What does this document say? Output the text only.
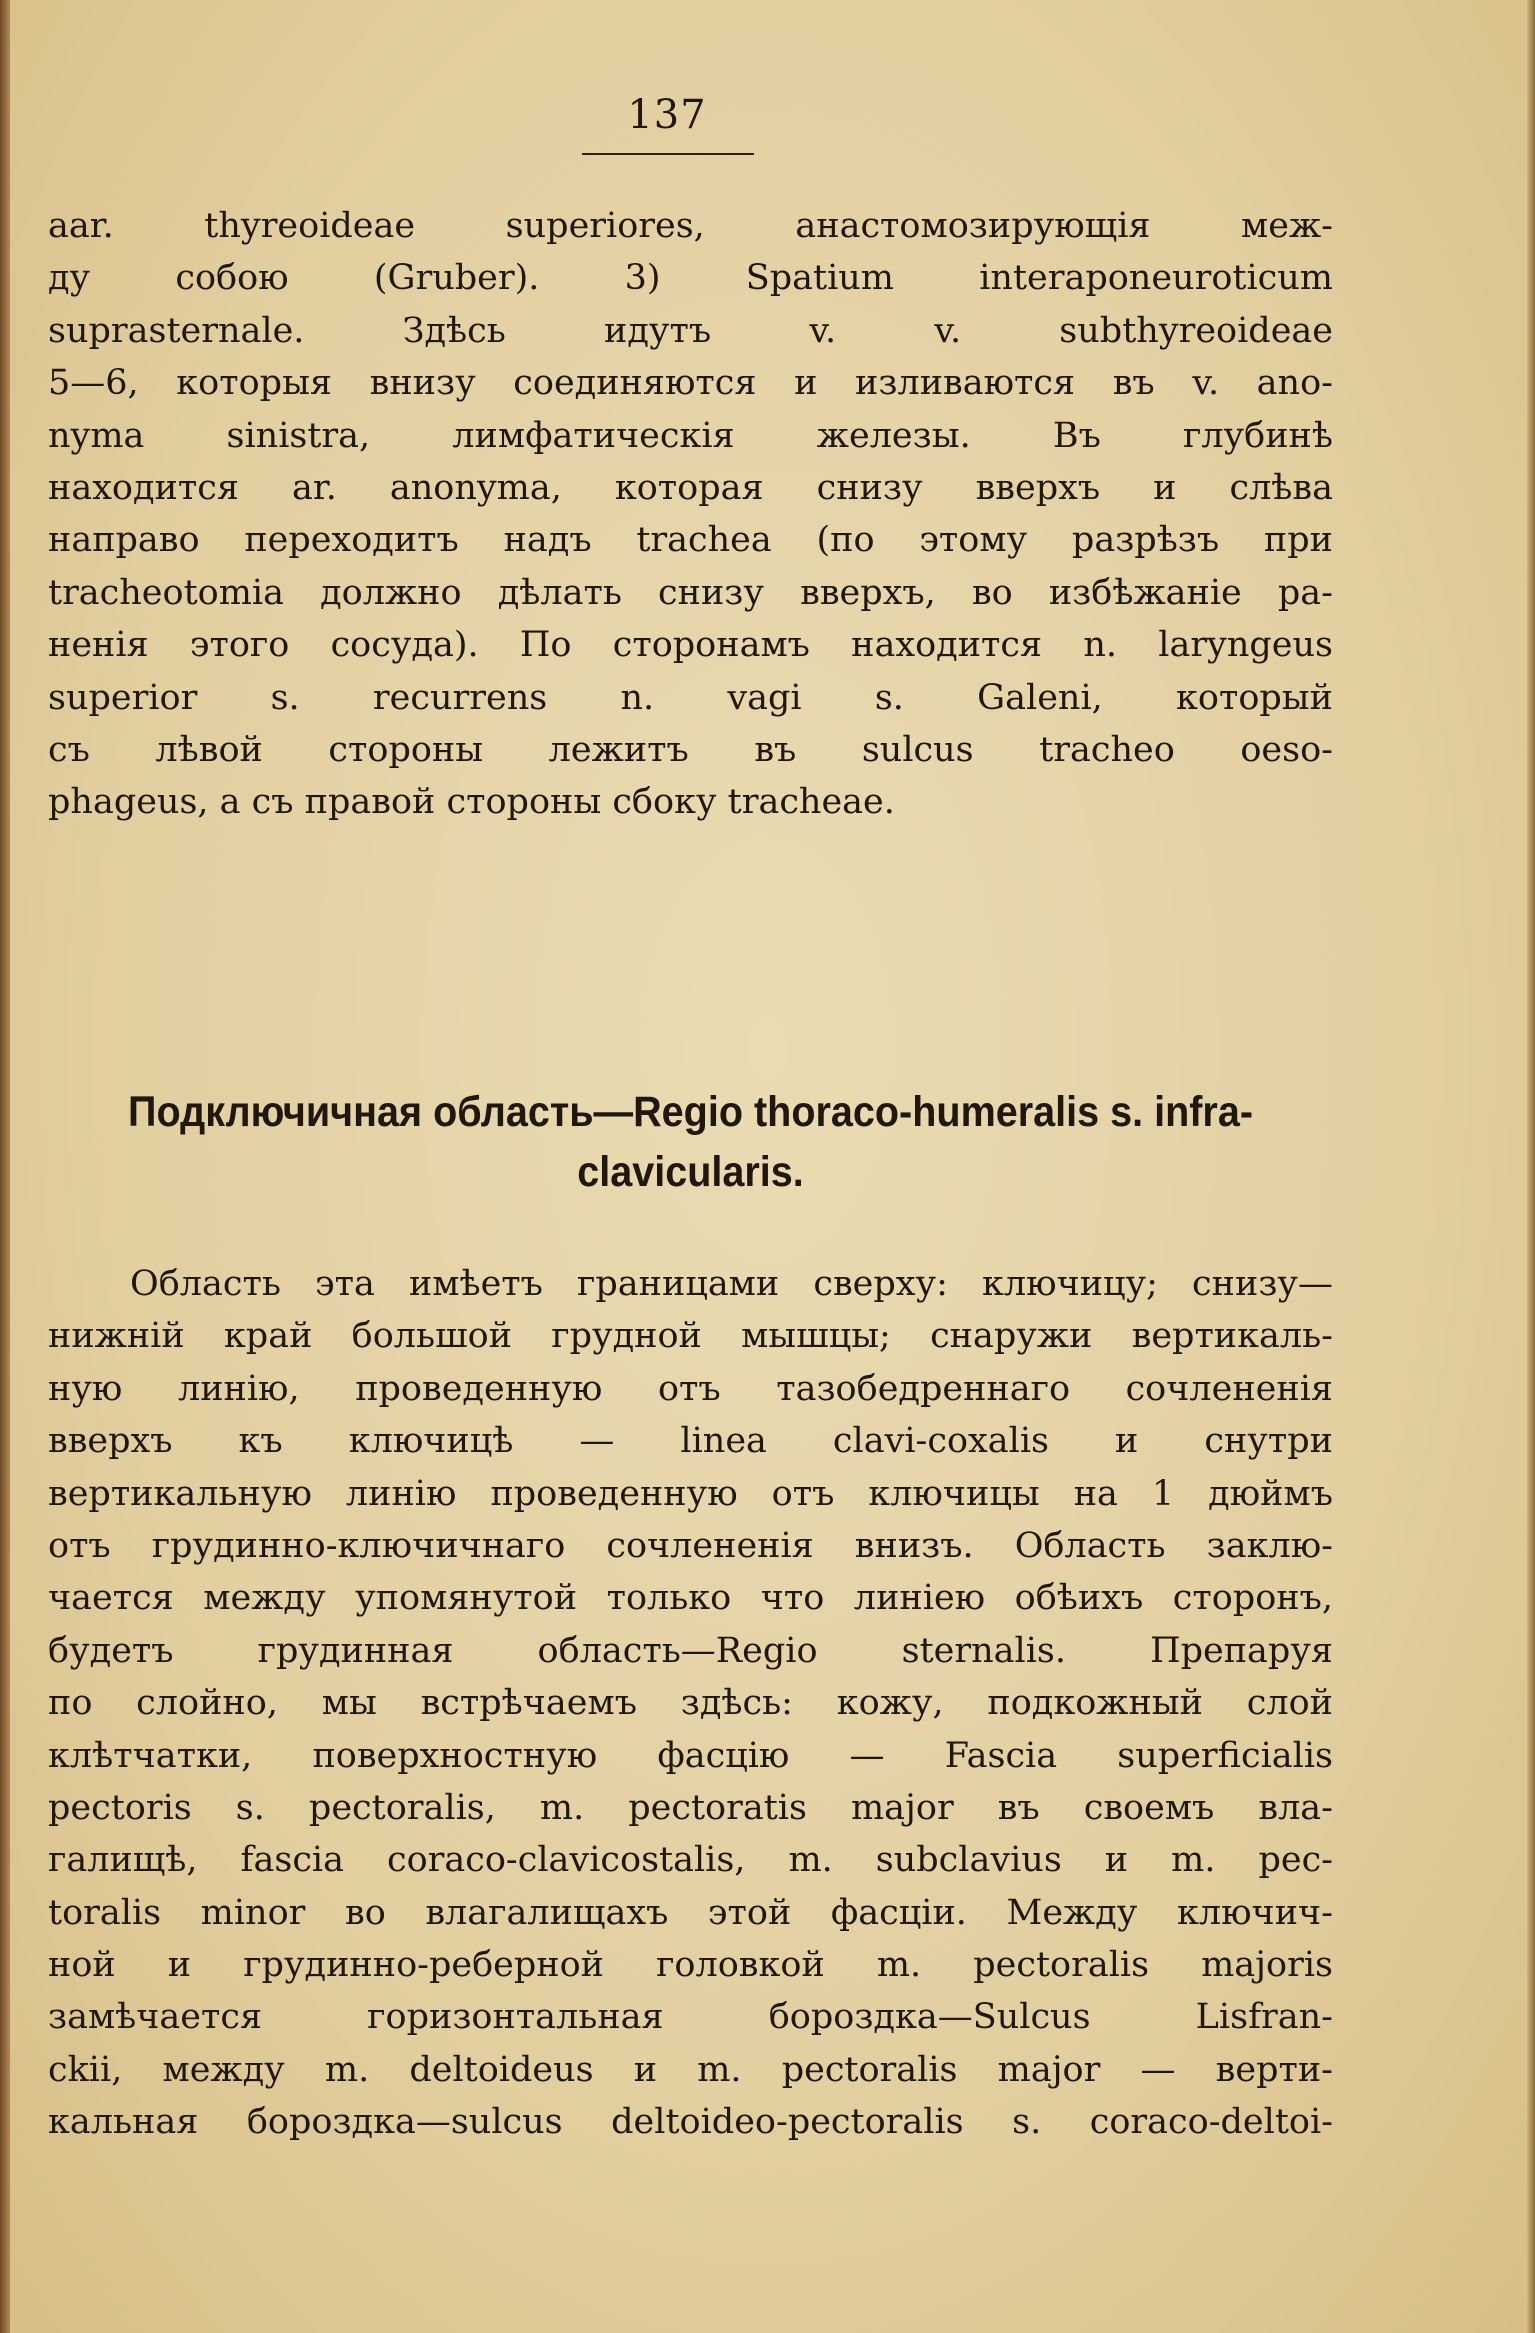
137
aar. thyreoideae superiores, анастомозирующія меж-
ду собою (Gruber). 3) Spatium interaponeuroticum
suprasternale. Здѣсь идутъ v. v. subthyreoideae
5—6, которыя внизу соединяются и изливаются въ v. ano-
nyma sinistra, лимфатическія железы. Въ глубинѣ
находится ar. anonyma, которая снизу вверхъ и слѣва
направо переходитъ надъ trachea (по этому разрѣзъ при
tracheotomia должно дѣлать снизу вверхъ, во избѣжаніе ра-
ненія этого сосуда). По сторонамъ находится n. laryngeus
superior s. recurrens n. vagi s. Galeni, который
съ лѣвой стороны лежитъ въ sulcus tracheo oeso-
phageus, а съ правой стороны сбоку tracheae.
Подключичная область—Regio thoraco-humeralis s. infra-
clavicularis.
Область эта имѣетъ границами сверху: ключицу; снизу—
нижній край большой грудной мышцы; снаружи вертикаль-
ную линію, проведенную отъ тазобедреннаго сочлененія
вверхъ къ ключицѣ — linea clavi-coxalis и снутри
вертикальную линію проведенную отъ ключицы на 1 дюймъ
отъ грудинно-ключичнаго сочлененія внизъ. Область заклю-
чается между упомянутой только что линіею обѣихъ сторонъ,
будетъ грудинная область—Regio sternalis. Препаруя
по слойно, мы встрѣчаемъ здѣсь: кожу, подкожный слой
клѣтчатки, поверхностную фасцію — Fascia superficialis
pectoris s. pectoralis, m. pectoratis major въ своемъ вла-
галищѣ, fascia coraco-clavicostalis, m. subclavius и m. pec-
toralis minor во влагалищахъ этой фасціи. Между ключич-
ной и грудинно-реберной головкой m. pectoralis majoris
замѣчается горизонтальная бороздка—Sulcus Lisfran-
ckii, между m. deltoideus и m. pectoralis major — верти-
кальная бороздка—sulcus deltoideo-pectoralis s. coraco-deltoi-
